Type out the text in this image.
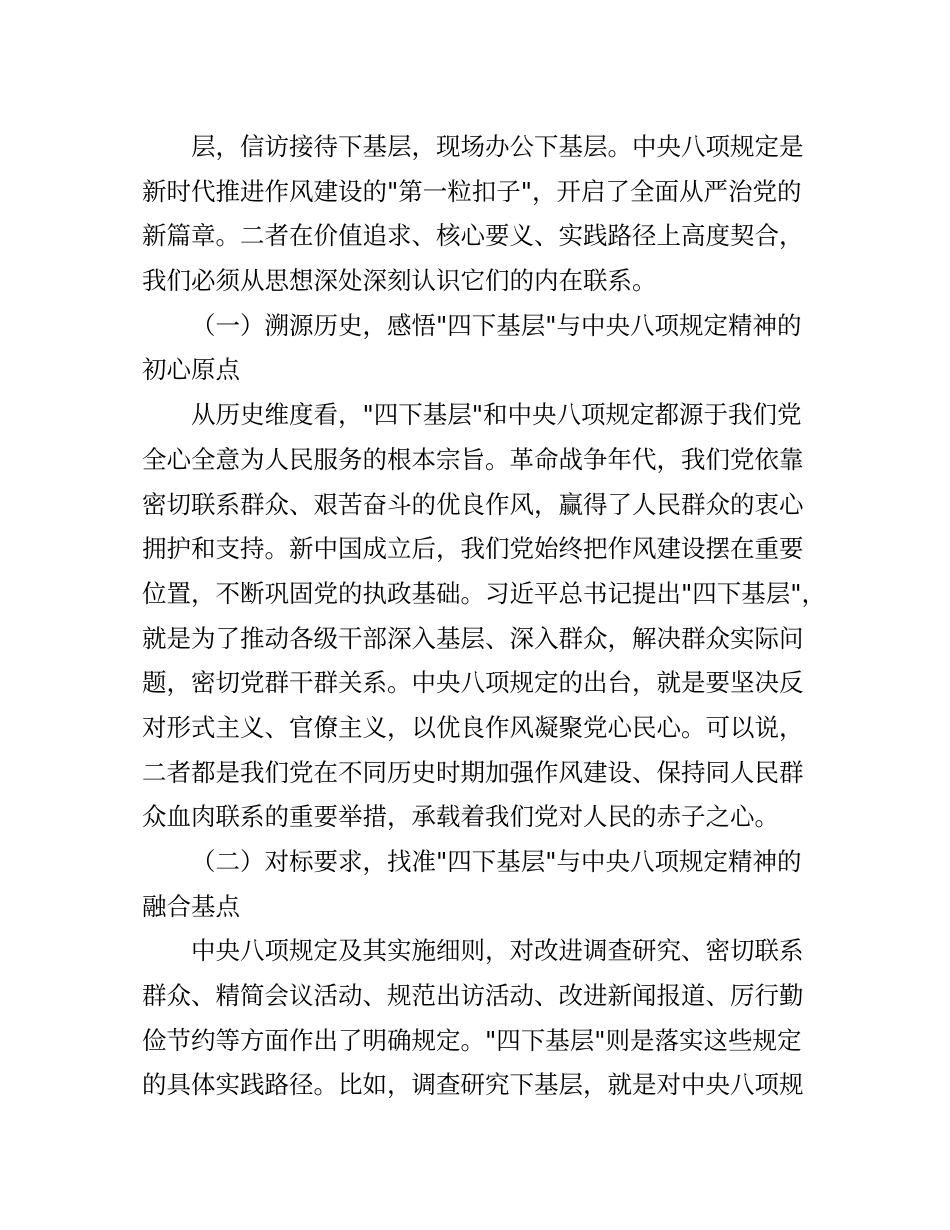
层，信访接待下基层，现场办公下基层。中央八项规定是
新时代推进作风建设的"第一粒扣子"，开启了全面从严治党的
新篇章。二者在价值追求、核心要义、实践路径上高度契合，
我们必须从思想深处深刻认识它们的内在联系。
（一）溯源历史，感悟"四下基层"与中央八项规定精神的
初心原点
从历史维度看，"四下基层"和中央八项规定都源于我们党
全心全意为人民服务的根本宗旨。革命战争年代，我们党依靠
密切联系群众、艰苦奋斗的优良作风，赢得了人民群众的衷心
拥护和支持。新中国成立后，我们党始终把作风建设摆在重要
位置，不断巩固党的执政基础。习近平总书记提出"四下基层"，
就是为了推动各级干部深入基层、深入群众，解决群众实际问
题，密切党群干群关系。中央八项规定的出台，就是要坚决反
对形式主义、官僚主义，以优良作风凝聚党心民心。可以说，
二者都是我们党在不同历史时期加强作风建设、保持同人民群
众血肉联系的重要举措，承载着我们党对人民的赤子之心。
（二）对标要求，找准"四下基层"与中央八项规定精神的
融合基点
中央八项规定及其实施细则，对改进调查研究、密切联系
群众、精简会议活动、规范出访活动、改进新闻报道、厉行勤
俭节约等方面作出了明确规定。"四下基层"则是落实这些规定
的具体实践路径。比如，调查研究下基层，就是对中央八项规
